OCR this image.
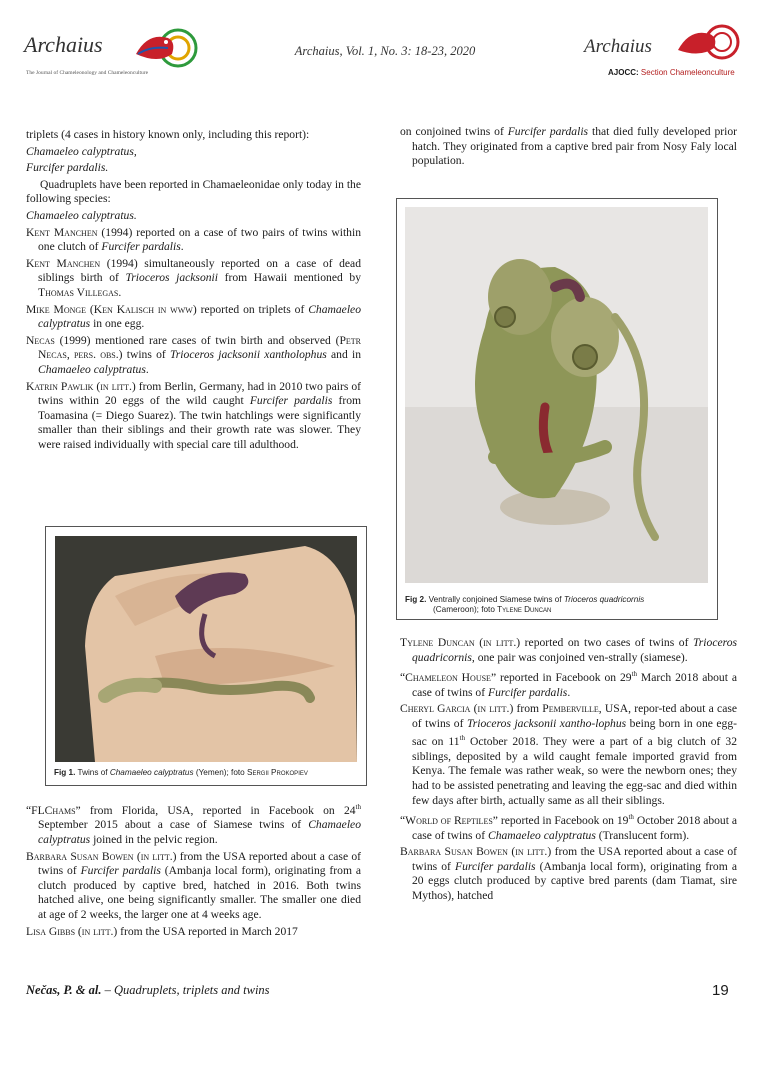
Archaius
The Journal of Chameleonology and Chameleonculture
Archaius, Vol. 1, No. 3: 18-23, 2020	Archaius
AJOCC: Section Chameleonculture

triplets (4 cases in history known only, including this report):

Chamaeleo calyptratus,

Furcifer pardalis.

Quadruplets have been reported in Chamaeleonidae only today in the following species:

Chamaeleo calyptratus.

Kent Manchen (1994) reported on a case of two pairs of twins within one clutch of Furcifer pardalis.

Kent Manchen (1994) simultaneously reported on a case of dead siblings birth of Trioceros jacksonii from Hawaii mentioned by Thomas Villegas.

Mike Monge (Ken Kalisch in www) reported on triplets of Chamaeleo calyptratus in one egg.

Necas (1999) mentioned rare cases of twin birth and observed (Petr Necas, pers. obs.) twins of Trioceros jacksonii xantholophus and in Chamaeleo calyptratus.

Katrin Pawlik (in litt.) from Berlin, Germany, had in 2010 two pairs of twins within 20 eggs of the wild caught Furcifer pardalis from Toamasina (= Diego Suarez). The twin hatchlings were significantly smaller than their siblings and their growth rate was slower. They were raised individually with special care till adulthood.

Fig 1. Twins of Chamaeleo calyptratus (Yemen); foto Sergii Prokopiev

“FLChams” from Florida, USA, reported in Facebook on 24th September 2015 about a case of Siamese twins of Chamaeleo calyptratus joined in the pelvic region.

Barbara Susan Bowen (in litt.) from the USA reported about a case of twins of Furcifer pardalis (Ambanja local form), originating from a clutch produced by captive bred, hatched in 2016. Both twins hatched alive, one being significantly smaller. The smaller one died at age of 2 weeks, the larger one at 4 weeks age.

Lisa Gibbs (in litt.) from the USA reported in March 2017

on conjoined twins of Furcifer pardalis that died fully developed prior hatch. They originated from a captive bred pair from Nosy Faly local population.

Fig 2. Ventrally conjoined Siamese twins of Trioceros quadricornis
(Cameroon); foto Tylene Duncan

Tylene Duncan (in litt.) reported on two cases of twins of Trioceros quadricornis, one pair was conjoined ven-strally (siamese).

“Chameleon House” reported in Facebook on 29th March 2018 about a case of twins of Furcifer pardalis.

Cheryl Garcia (in litt.) from Pemberville, USA, repor-ted about a case of twins of Trioceros jacksonii xantho-lophus being born in one egg-sac on 11th October 2018. They were a part of a big clutch of 32 siblings, deposited by a wild caught female imported gravid from Kenya. The female was rather weak, so were the newborn ones; they had to be assisted penetrating and leaving the egg-sac and died within few days after birth, actually same as all their siblings.

“World of Reptiles” reported in Facebook on 19th October 2018 about a case of twins of Chamaeleo calyptratus (Translucent form).

Barbara Susan Bowen (in litt.) from the USA reported about a case of twins of Furcifer pardalis (Ambanja local form), originating from a 20 eggs clutch produced by captive bred parents (dam Tiamat, sire Mythos), hatched

Nečas, P. & al. – Quadruplets, triplets and twins	19
